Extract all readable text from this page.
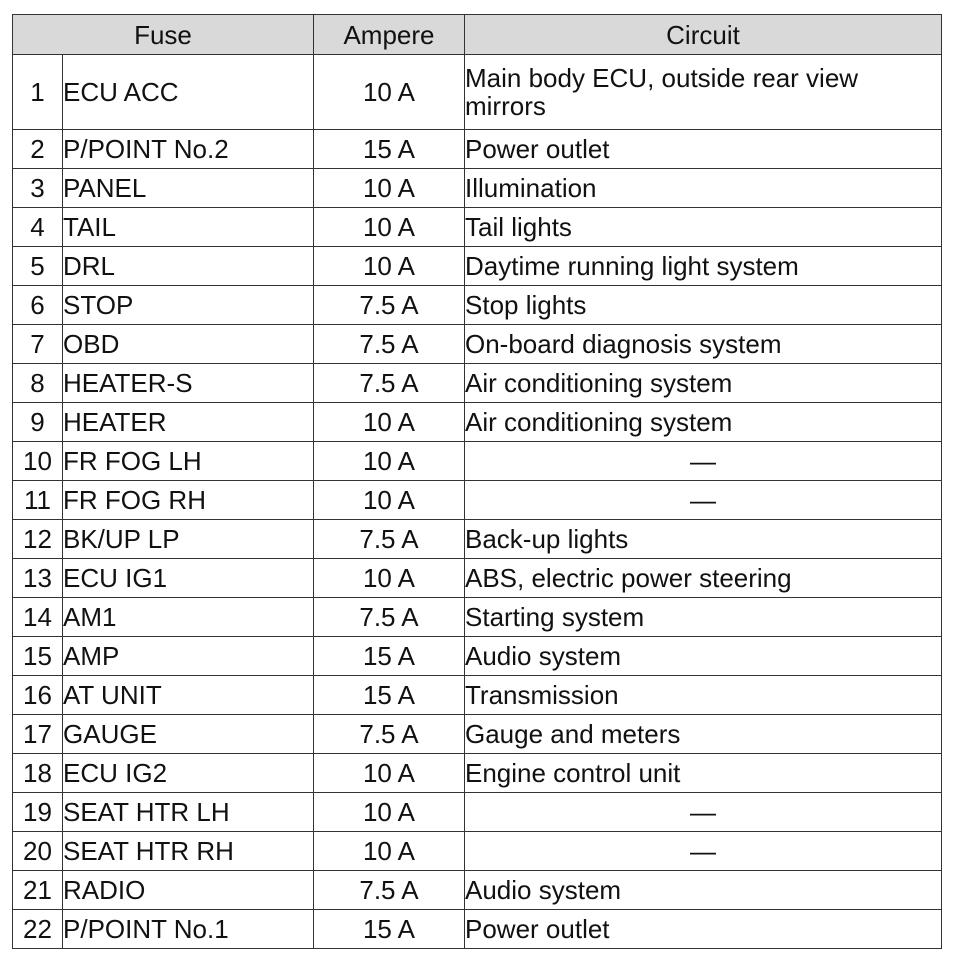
Fuse		Ampere	Circuit
1	ECU ACC	10 A	Main body ECU, outside rear view mirrors
2	P/POINT No.2	15 A	Power outlet
3	PANEL	10 A	Illumination
4	TAIL	10 A	Tail lights
5	DRL	10 A	Daytime running light system
6	STOP	7.5 A	Stop lights
7	OBD	7.5 A	On-board diagnosis system
8	HEATER-S	7.5 A	Air conditioning system
9	HEATER	10 A	Air conditioning system
10	FR FOG LH	10 A	—
11	FR FOG RH	10 A	—
12	BK/UP LP	7.5 A	Back-up lights
13	ECU IG1	10 A	ABS, electric power steering
14	AM1	7.5 A	Starting system
15	AMP	15 A	Audio system
16	AT UNIT	15 A	Transmission
17	GAUGE	7.5 A	Gauge and meters
18	ECU IG2	10 A	Engine control unit
19	SEAT HTR LH	10 A	—
20	SEAT HTR RH	10 A	—
21	RADIO	7.5 A	Audio system
22	P/POINT No.1	15 A	Power outlet
